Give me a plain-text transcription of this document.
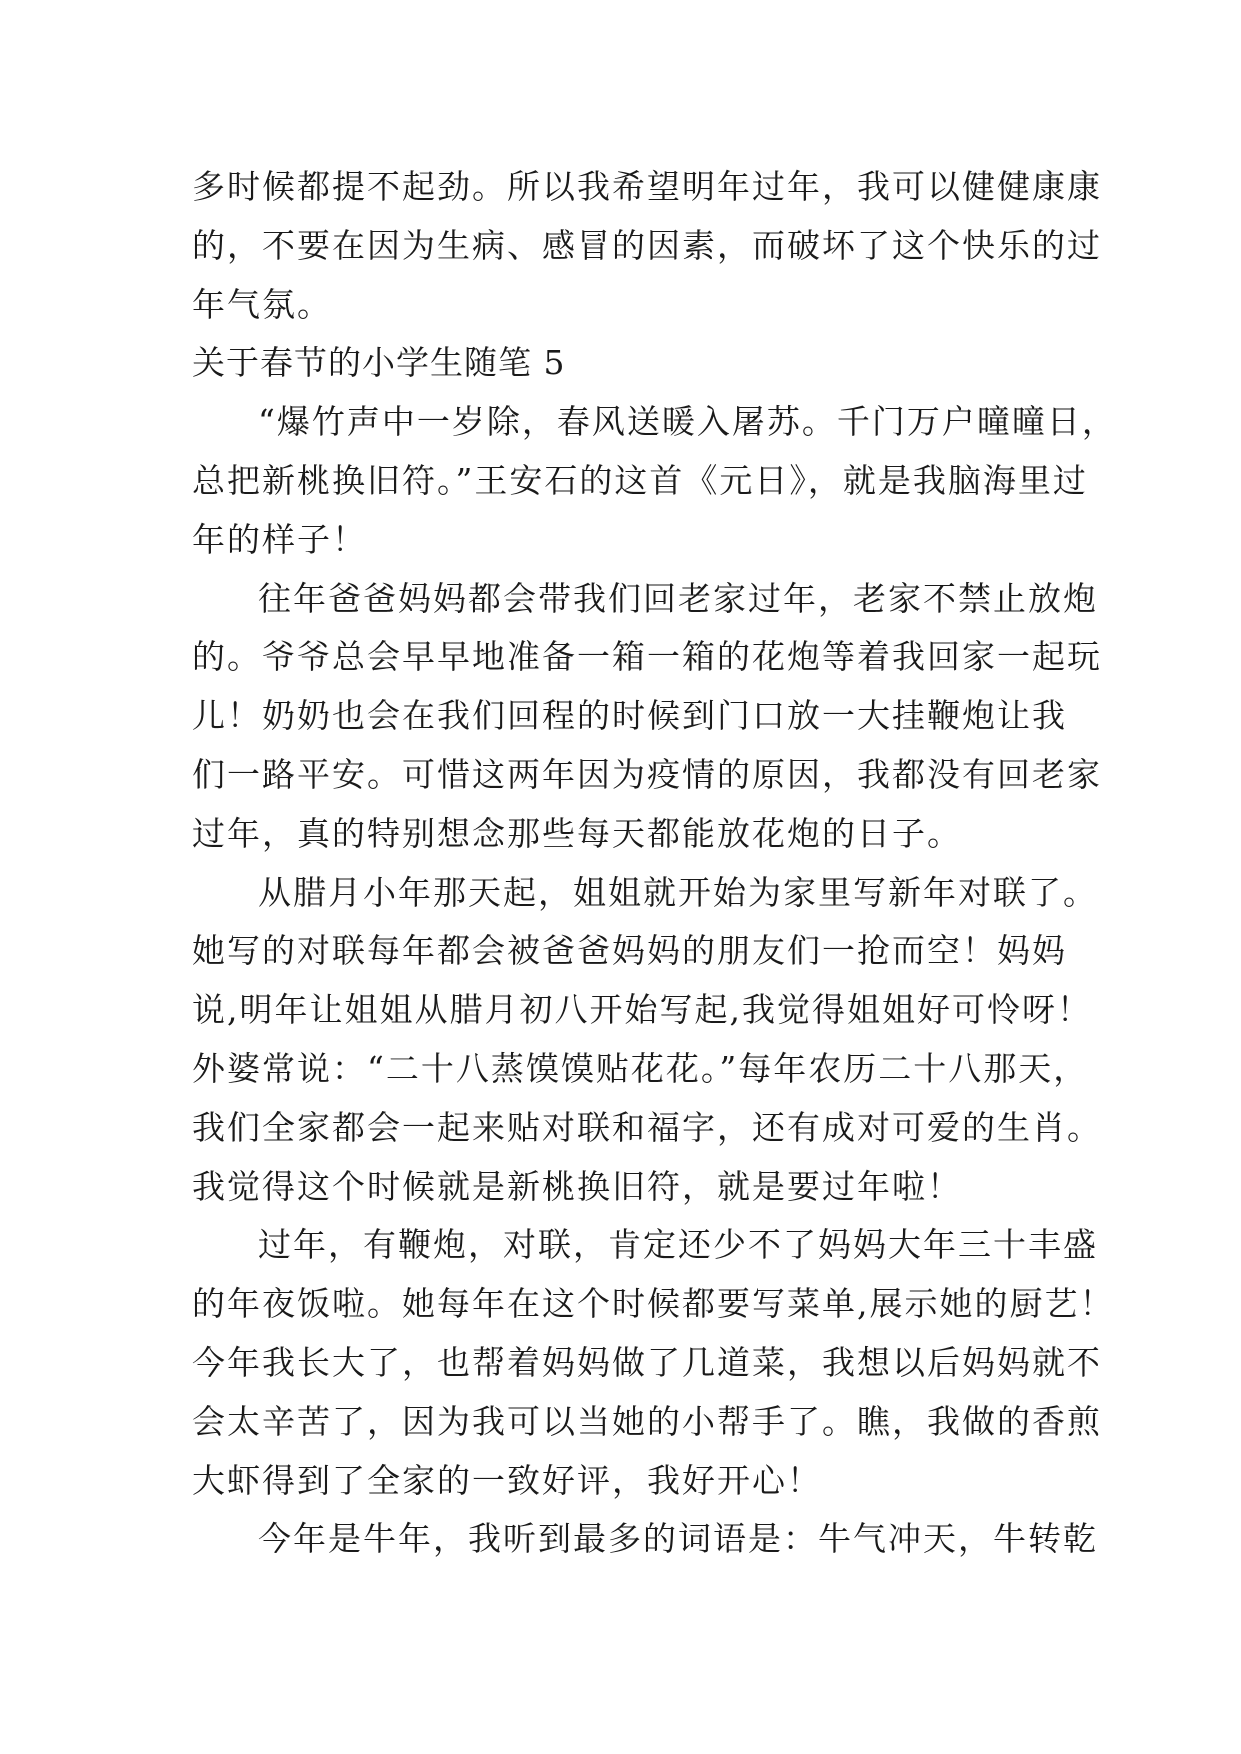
多时候都提不起劲。所以我希望明年过年，我可以健健康康
的，不要在因为生病、感冒的因素，而破坏了这个快乐的过
年气氛。
关于春节的小学生随笔 5
“爆竹声中一岁除，春风送暖入屠苏。千门万户曈曈日，
总把新桃换旧符。”王安石的这首《元日》，就是我脑海里过
年的样子！
往年爸爸妈妈都会带我们回老家过年，老家不禁止放炮
的。爷爷总会早早地准备一箱一箱的花炮等着我回家一起玩
儿！奶奶也会在我们回程的时候到门口放一大挂鞭炮让我
们一路平安。可惜这两年因为疫情的原因，我都没有回老家
过年，真的特别想念那些每天都能放花炮的日子。
从腊月小年那天起，姐姐就开始为家里写新年对联了。
她写的对联每年都会被爸爸妈妈的朋友们一抢而空！妈妈
说,明年让姐姐从腊月初八开始写起,我觉得姐姐好可怜呀！
外婆常说：“二十八蒸馍馍贴花花。”每年农历二十八那天，
我们全家都会一起来贴对联和福字，还有成对可爱的生肖。
我觉得这个时候就是新桃换旧符，就是要过年啦！
过年，有鞭炮，对联，肯定还少不了妈妈大年三十丰盛
的年夜饭啦。她每年在这个时候都要写菜单,展示她的厨艺！
今年我长大了，也帮着妈妈做了几道菜，我想以后妈妈就不
会太辛苦了，因为我可以当她的小帮手了。瞧，我做的香煎
大虾得到了全家的一致好评，我好开心！
今年是牛年，我听到最多的词语是：牛气冲天，牛转乾
